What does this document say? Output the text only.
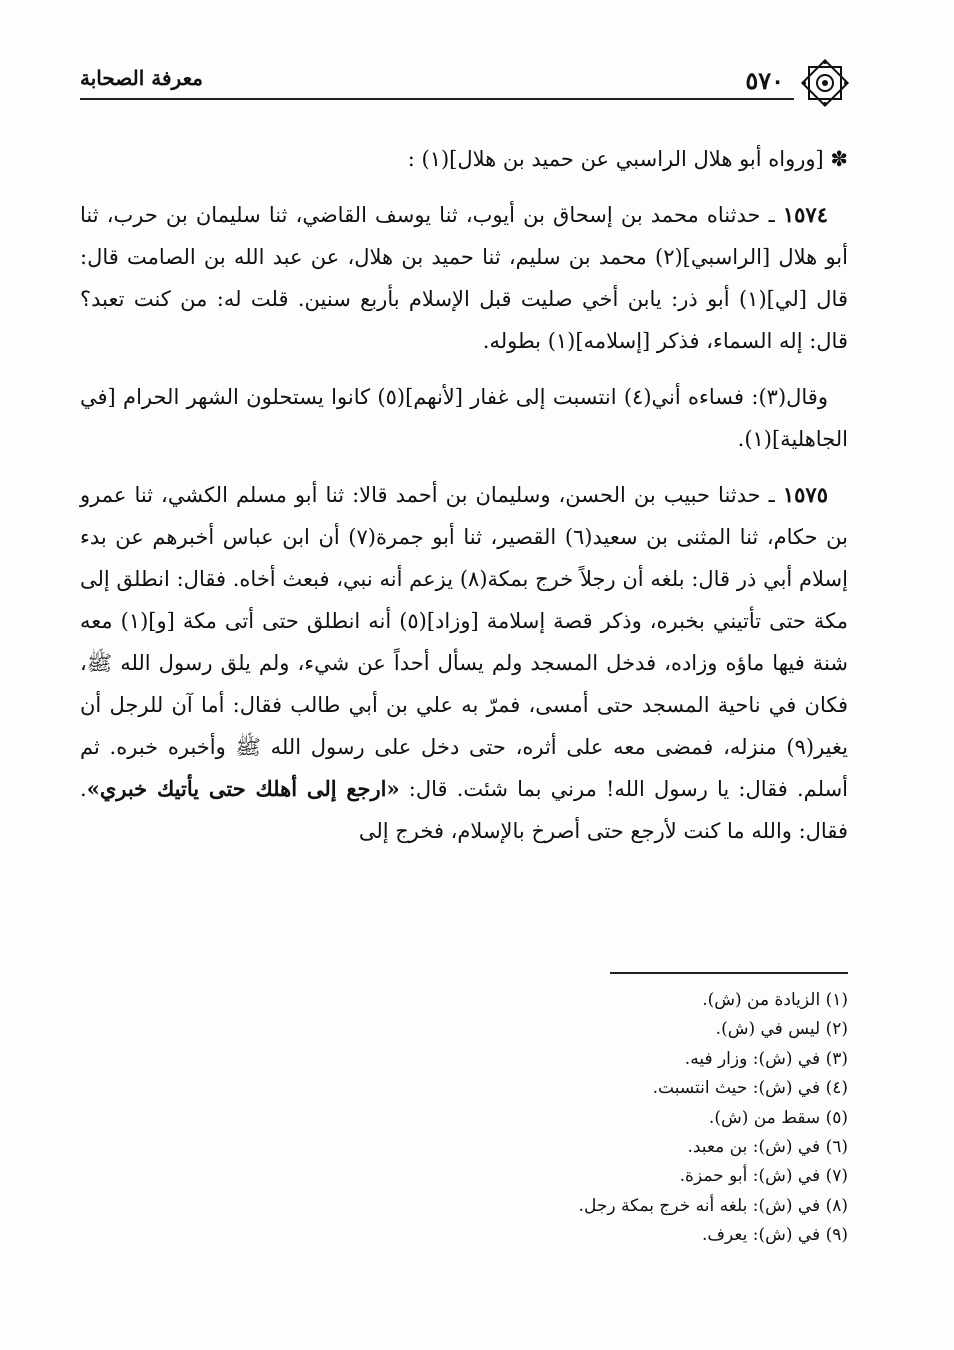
٥٧٠
معرفة الصحابة

✽ [ورواه أبو هلال الراسبي عن حميد بن هلال](١) :

١٥٧٤ ـ حدثناه محمد بن إسحاق بن أيوب، ثنا يوسف القاضي، ثنا سليمان بن حرب، ثنا أبو هلال [الراسبي](٢) محمد بن سليم، ثنا حميد بن هلال، عن عبد الله بن الصامت قال: قال [لي](١) أبو ذر: يابن أخي صليت قبل الإسلام بأربع سنين. قلت له: من كنت تعبد؟ قال: إله السماء، فذكر [إسلامه](١) بطوله.

وقال(٣): فساءه أني(٤) انتسبت إلى غفار [لأنهم](٥) كانوا يستحلون الشهر الحرام [في الجاهلية](١).

١٥٧٥ ـ حدثنا حبيب بن الحسن، وسليمان بن أحمد قالا: ثنا أبو مسلم الكشي، ثنا عمرو بن حكام، ثنا المثنى بن سعيد(٦) القصير، ثنا أبو جمرة(٧) أن ابن عباس أخبرهم عن بدء إسلام أبي ذر قال: بلغه أن رجلاً خرج بمكة(٨) يزعم أنه نبي، فبعث أخاه. فقال: انطلق إلى مكة حتى تأتيني بخبره، وذكر قصة إسلامة [وزاد](٥) أنه انطلق حتى أتى مكة [و](١) معه شنة فيها ماؤه وزاده، فدخل المسجد ولم يسأل أحداً عن شيء، ولم يلق رسول الله ﷺ، فكان في ناحية المسجد حتى أمسى، فمرّ به علي بن أبي طالب فقال: أما آن للرجل أن يغير(٩) منزله، فمضى معه على أثره، حتى دخل على رسول الله ﷺ وأخبره خبره. ثم أسلم. فقال: يا رسول الله! مرني بما شئت. قال: «ارجع إلى أهلك حتى يأتيك خبري». فقال: والله ما كنت لأرجع حتى أصرخ بالإسلام، فخرج إلى

(١) الزيادة من (ش).
(٢) ليس في (ش).
(٣) في (ش): وزار فيه.
(٤) في (ش): حيث انتسبت.
(٥) سقط من (ش).
(٦) في (ش): بن معبد.
(٧) في (ش): أبو حمزة.
(٨) في (ش): بلغه أنه خرج بمكة رجل.
(٩) في (ش): يعرف.
